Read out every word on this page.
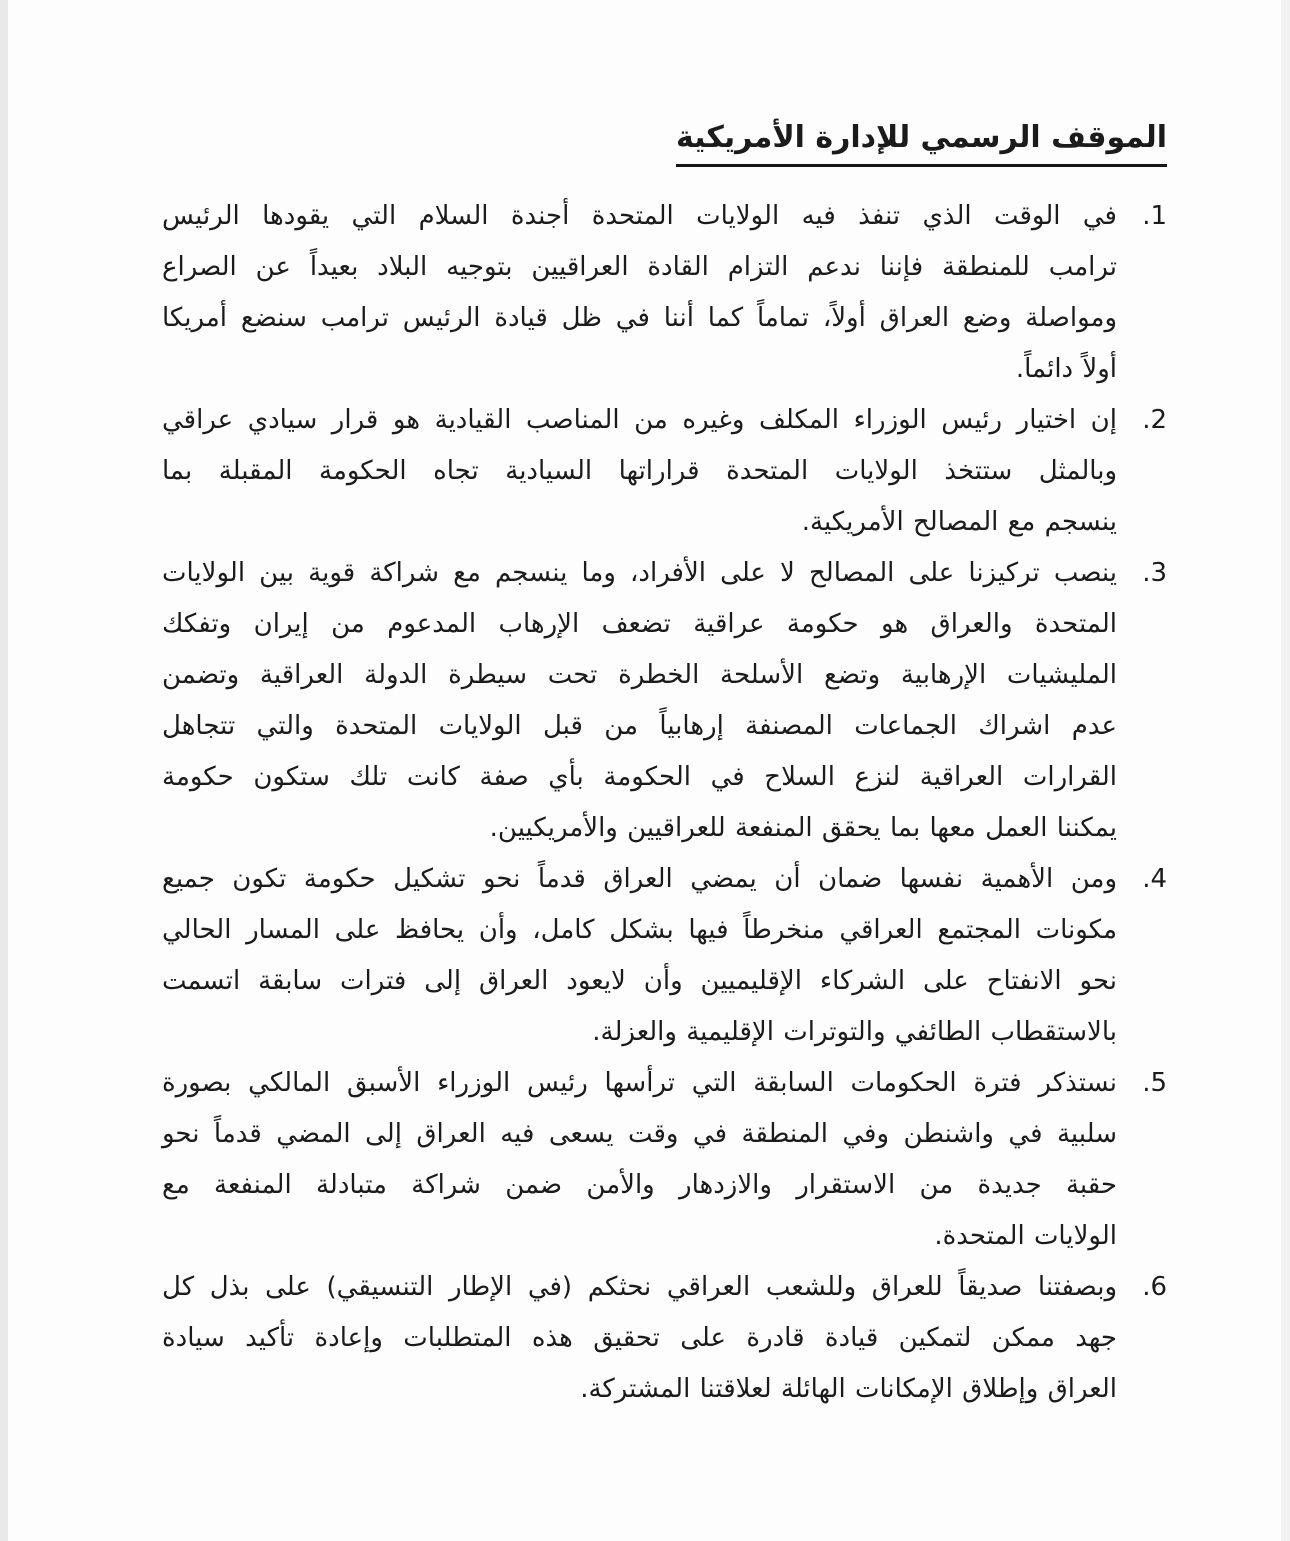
الموقف الرسمي للإدارة الأمريكية
1.
في الوقت الذي تنفذ فيه الولايات المتحدة أجندة السلام التي يقودها الرئيس
ترامب للمنطقة فإننا ندعم التزام القادة العراقيين بتوجيه البلاد بعيداً عن الصراع
ومواصلة وضع العراق أولاً، تماماً كما أننا في ظل قيادة الرئيس ترامب سنضع أمريكا
أولاً دائماً.
2.
إن اختيار رئيس الوزراء المكلف وغيره من المناصب القيادية هو قرار سيادي عراقي
وبالمثل ستتخذ الولايات المتحدة قراراتها السيادية تجاه الحكومة المقبلة بما
ينسجم مع المصالح الأمريكية.
3.
ينصب تركيزنا على المصالح لا على الأفراد، وما ينسجم مع شراكة قوية بين الولايات
المتحدة والعراق هو حكومة عراقية تضعف الإرهاب المدعوم من إيران وتفكك
المليشيات الإرهابية وتضع الأسلحة الخطرة تحت سيطرة الدولة العراقية وتضمن
عدم اشراك الجماعات المصنفة إرهابياً من قبل الولايات المتحدة والتي تتجاهل
القرارات العراقية لنزع السلاح في الحكومة بأي صفة كانت تلك ستكون حكومة
يمكننا العمل معها بما يحقق المنفعة للعراقيين والأمريكيين.
4.
ومن الأهمية نفسها ضمان أن يمضي العراق قدماً نحو تشكيل حكومة تكون جميع
مكونات المجتمع العراقي منخرطاً فيها بشكل كامل، وأن يحافظ على المسار الحالي
نحو الانفتاح على الشركاء الإقليميين وأن لايعود العراق إلى فترات سابقة اتسمت
بالاستقطاب الطائفي والتوترات الإقليمية والعزلة.
5.
نستذكر فترة الحكومات السابقة التي ترأسها رئيس الوزراء الأسبق المالكي بصورة
سلبية في واشنطن وفي المنطقة في وقت يسعى فيه العراق إلى المضي قدماً نحو
حقبة جديدة من الاستقرار والازدهار والأمن ضمن شراكة متبادلة المنفعة مع
الولايات المتحدة.
6.
وبصفتنا صديقاً للعراق وللشعب العراقي نحثكم (في الإطار التنسيقي) على بذل كل
جهد ممكن لتمكين قيادة قادرة على تحقيق هذه المتطلبات وإعادة تأكيد سيادة
العراق وإطلاق الإمكانات الهائلة لعلاقتنا المشتركة.
